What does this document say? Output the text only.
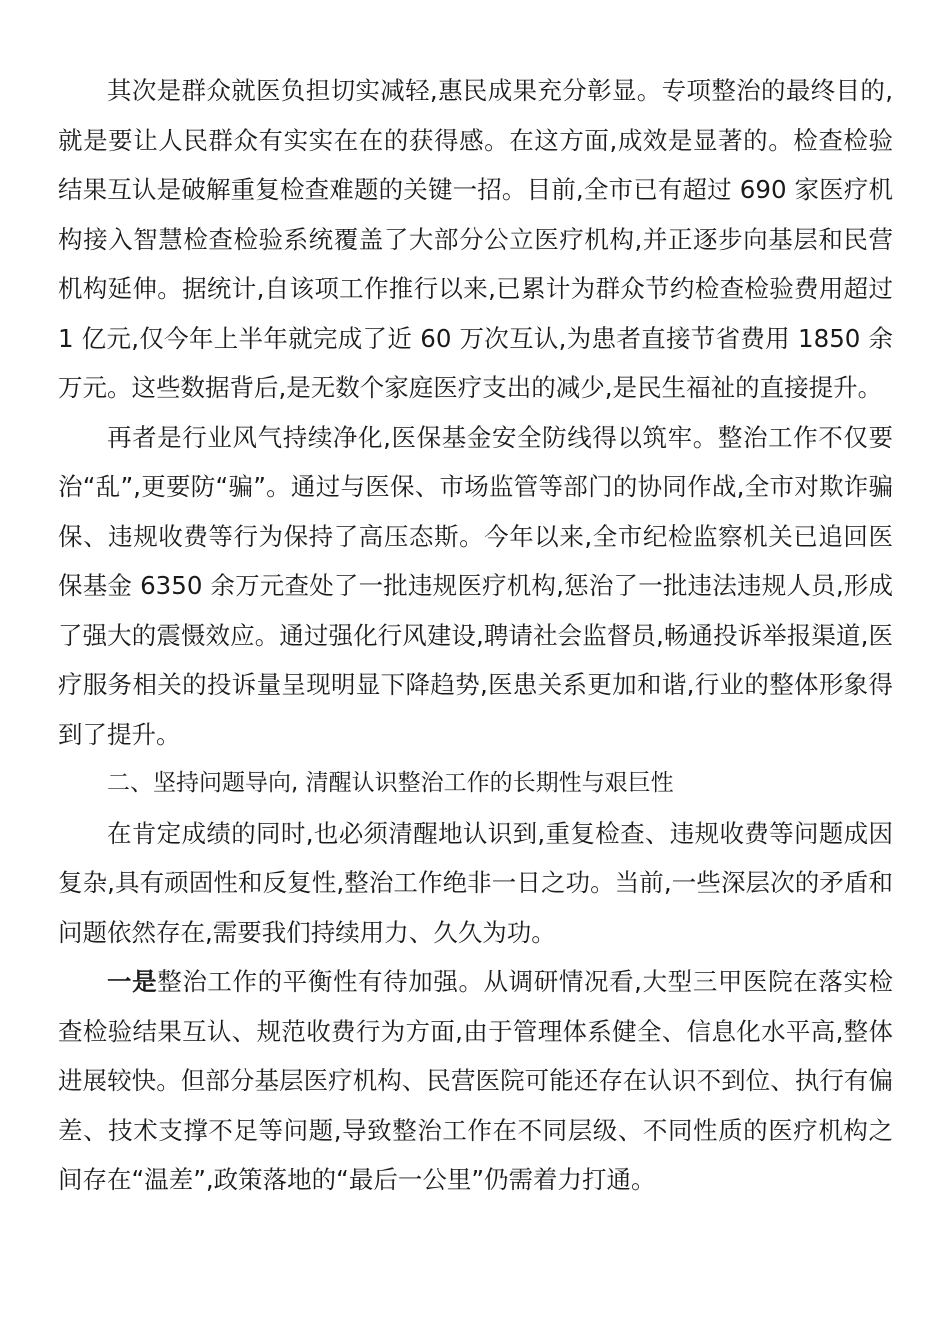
其次是群众就医负担切实减轻,惠民成果充分彰显。专项整治的最终目的,就是要让人民群众有实实在在的获得感。在这方面,成效是显著的。检查检验结果互认是破解重复检查难题的关键一招。目前,全市已有超过 690 家医疗机构接入智慧检查检验系统覆盖了大部分公立医疗机构,并正逐步向基层和民营机构延伸。据统计,自该项工作推行以来,已累计为群众节约检查检验费用超过 1 亿元,仅今年上半年就完成了近 60 万次互认,为患者直接节省费用 1850 余万元。这些数据背后,是无数个家庭医疗支出的减少,是民生福祉的直接提升。

再者是行业风气持续净化,医保基金安全防线得以筑牢。整治工作不仅要治“乱”,更要防“骗”。通过与医保、市场监管等部门的协同作战,全市对欺诈骗保、违规收费等行为保持了高压态斯。今年以来,全市纪检监察机关已追回医保基金 6350 余万元查处了一批违规医疗机构,惩治了一批违法违规人员,形成了强大的震慑效应。通过强化行风建设,聘请社会监督员,畅通投诉举报渠道,医疗服务相关的投诉量呈现明显下降趋势,医患关系更加和谐,行业的整体形象得到了提升。

二、坚持问题导向, 清醒认识整治工作的长期性与艰巨性

在肯定成绩的同时,也必须清醒地认识到,重复检查、违规收费等问题成因复杂,具有顽固性和反复性,整治工作绝非一日之功。当前,一些深层次的矛盾和问题依然存在,需要我们持续用力、久久为功。

一是整治工作的平衡性有待加强。从调研情况看,大型三甲医院在落实检查检验结果互认、规范收费行为方面,由于管理体系健全、信息化水平高,整体进展较快。但部分基层医疗机构、民营医院可能还存在认识不到位、执行有偏差、技术支撑不足等问题,导致整治工作在不同层级、不同性质的医疗机构之间存在“温差”,政策落地的“最后一公里”仍需着力打通。
